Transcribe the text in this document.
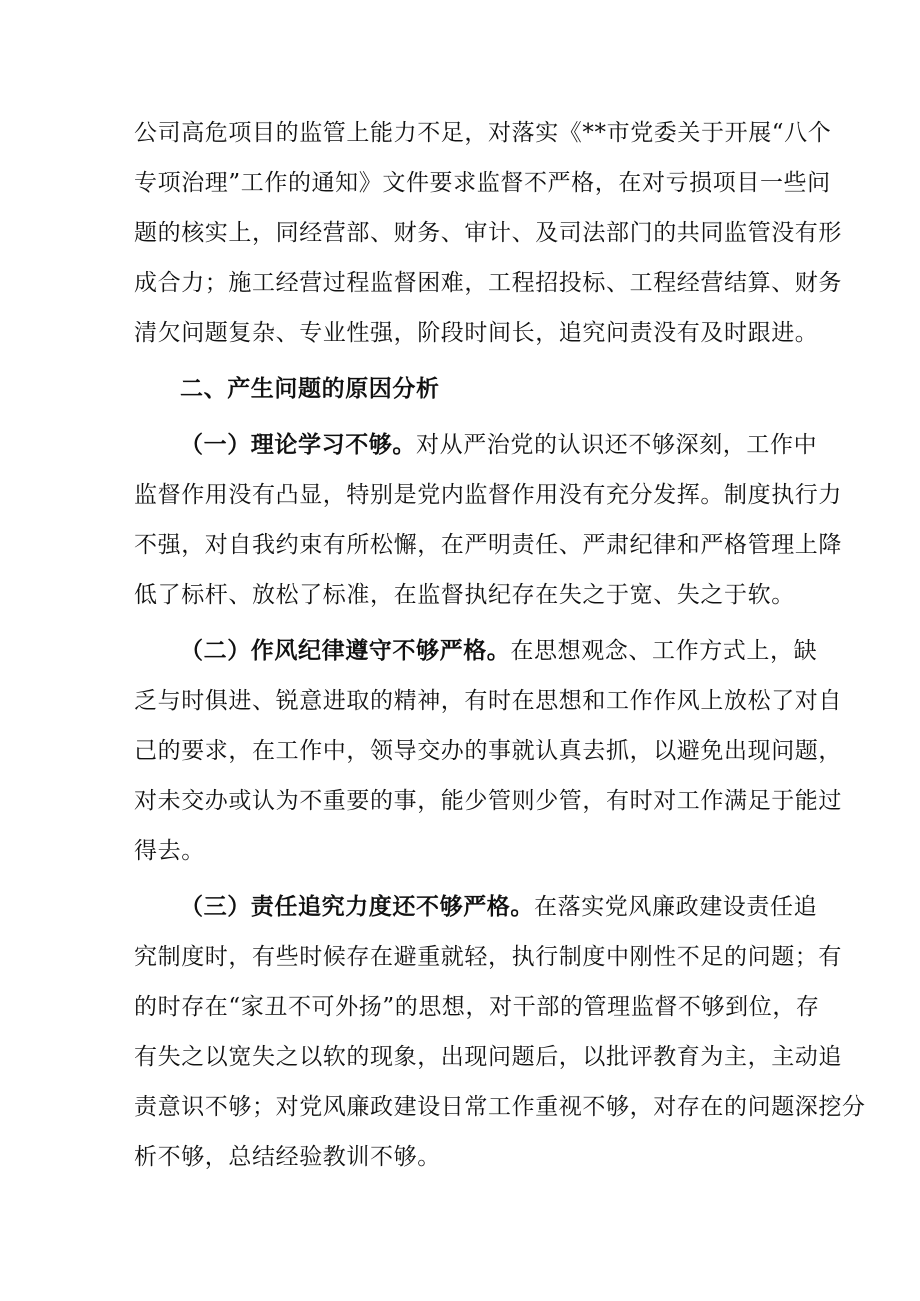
公司高危项目的监管上能力不足，对落实《**市党委关于开展“八个
专项治理”工作的通知》文件要求监督不严格，在对亏损项目一些问
题的核实上，同经营部、财务、审计、及司法部门的共同监管没有形
成合力；施工经营过程监督困难，工程招投标、工程经营结算、财务
清欠问题复杂、专业性强，阶段时间长，追究问责没有及时跟进。
二、产生问题的原因分析
（一）理论学习不够。对从严治党的认识还不够深刻，工作中
监督作用没有凸显，特别是党内监督作用没有充分发挥。制度执行力
不强，对自我约束有所松懈，在严明责任、严肃纪律和严格管理上降
低了标杆、放松了标准，在监督执纪存在失之于宽、失之于软。
（二）作风纪律遵守不够严格。在思想观念、工作方式上，缺
乏与时俱进、锐意进取的精神，有时在思想和工作作风上放松了对自
己的要求，在工作中，领导交办的事就认真去抓，以避免出现问题，
对未交办或认为不重要的事，能少管则少管，有时对工作满足于能过
得去。
（三）责任追究力度还不够严格。在落实党风廉政建设责任追
究制度时，有些时候存在避重就轻，执行制度中刚性不足的问题；有
的时存在“家丑不可外扬”的思想，对干部的管理监督不够到位，存
有失之以宽失之以软的现象，出现问题后，以批评教育为主，主动追
责意识不够；对党风廉政建设日常工作重视不够，对存在的问题深挖分
析不够，总结经验教训不够。
